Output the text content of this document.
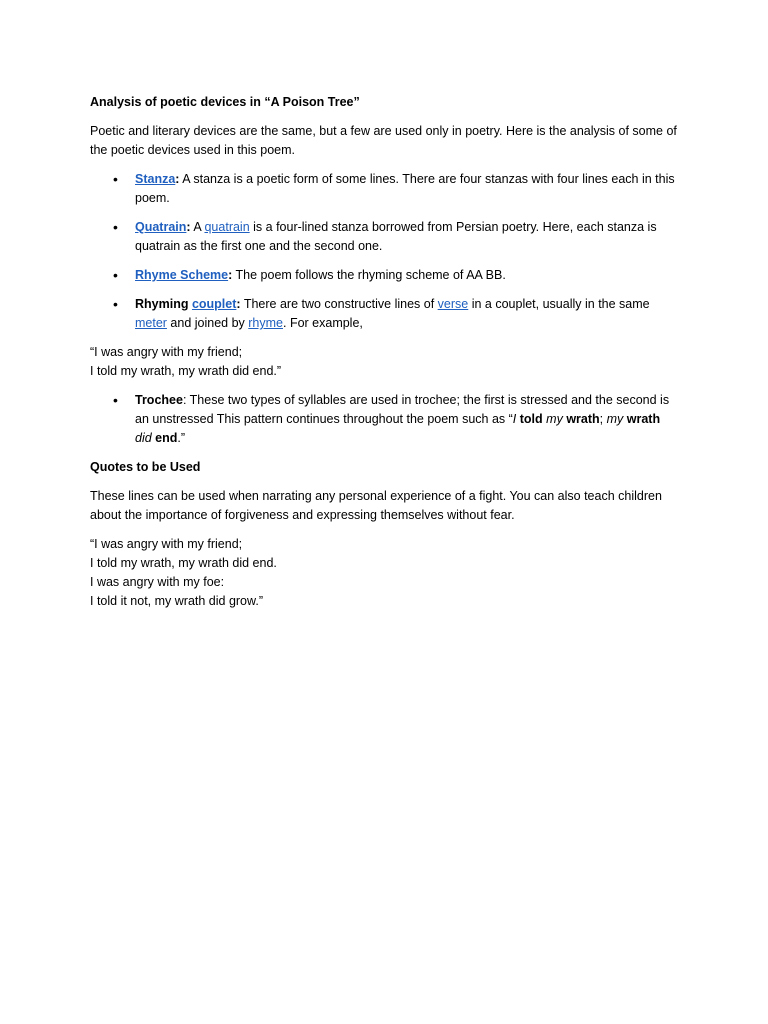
Analysis of poetic devices in “A Poison Tree”

Poetic and literary devices are the same, but a few are used only in poetry. Here is the analysis of some of the poetic devices used in this poem.

• Stanza: A stanza is a poetic form of some lines. There are four stanzas with four lines each in this poem.
• Quatrain: A quatrain is a four-lined stanza borrowed from Persian poetry. Here, each stanza is quatrain as the first one and the second one.
• Rhyme Scheme: The poem follows the rhyming scheme of AA BB.
• Rhyming couplet: There are two constructive lines of verse in a couplet, usually in the same meter and joined by rhyme. For example,
“I was angry with my friend;
I told my wrath, my wrath did end.”
• Trochee: These two types of syllables are used in trochee; the first is stressed and the second is an unstressed This pattern continues throughout the poem such as “I told my wrath; my wrath did end.”
Quotes to be Used

These lines can be used when narrating any personal experience of a fight. You can also teach children about the importance of forgiveness and expressing themselves without fear.

“I was angry with my friend;
I told my wrath, my wrath did end.
I was angry with my foe:
I told it not, my wrath did grow.”
